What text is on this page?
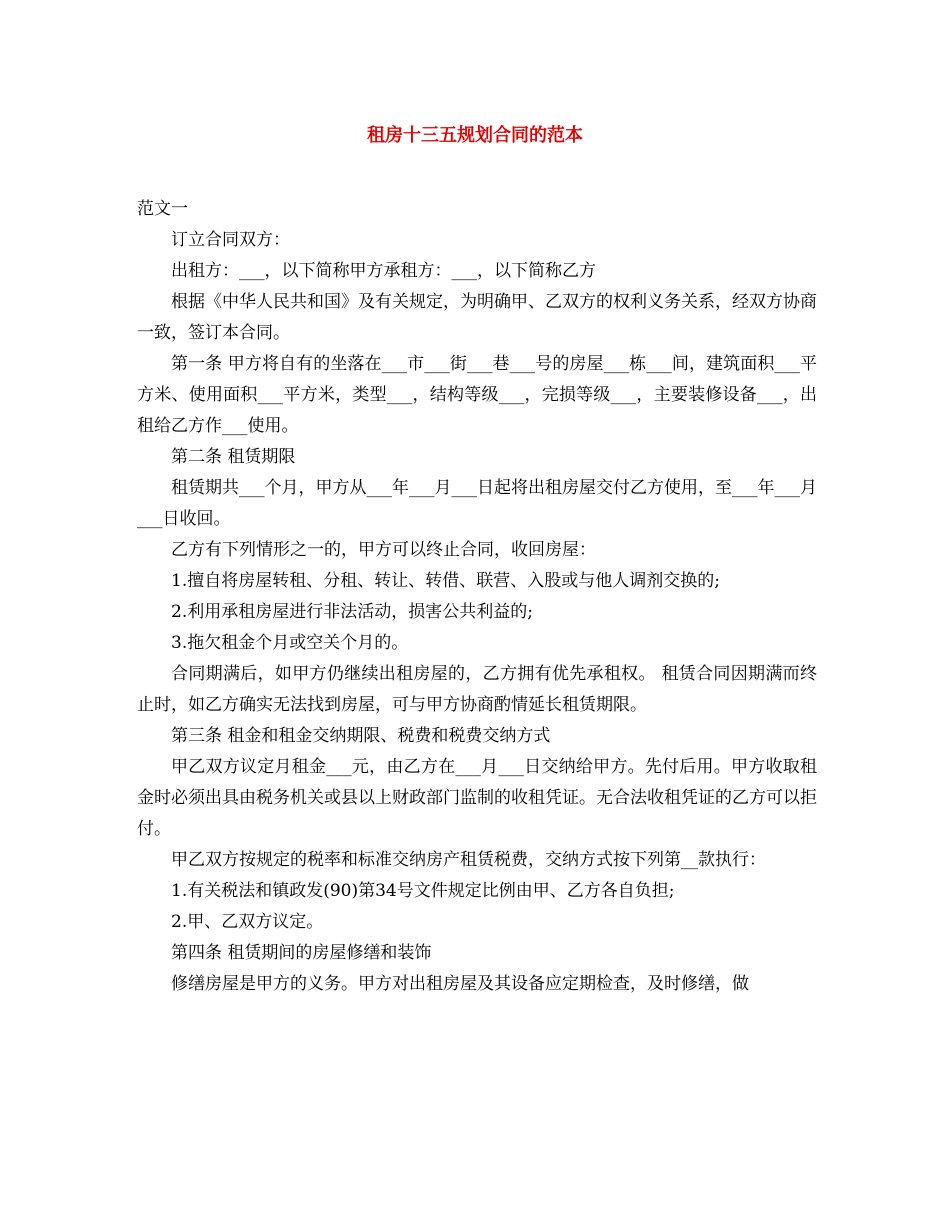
租房十三五规划合同的范本

范文一

订立合同双方：

出租方：___，以下简称甲方承租方：___，以下简称乙方

根据《中华人民共和国》及有关规定，为明确甲、乙双方的权利义务关系，经双方协商一致，签订本合同。

第一条 甲方将自有的坐落在___市___街___巷___号的房屋___栋___间，建筑面积___平方米、使用面积___平方米，类型___，结构等级___，完损等级___，主要装修设备___，出租给乙方作___使用。

第二条 租赁期限

租赁期共___个月，甲方从___年___月___日起将出租房屋交付乙方使用，至___年___月___日收回。

乙方有下列情形之一的，甲方可以终止合同，收回房屋：

1.擅自将房屋转租、分租、转让、转借、联营、入股或与他人调剂交换的;

2.利用承租房屋进行非法活动，损害公共利益的;

3.拖欠租金个月或空关个月的。

合同期满后，如甲方仍继续出租房屋的，乙方拥有优先承租权。 租赁合同因期满而终止时，如乙方确实无法找到房屋，可与甲方协商酌情延长租赁期限。

第三条 租金和租金交纳期限、税费和税费交纳方式

甲乙双方议定月租金___元，由乙方在___月___日交纳给甲方。先付后用。甲方收取租金时必须出具由税务机关或县以上财政部门监制的收租凭证。无合法收租凭证的乙方可以拒付。

甲乙双方按规定的税率和标准交纳房产租赁税费，交纳方式按下列第__款执行：

1.有关税法和镇政发(90)第34号文件规定比例由甲、乙方各自负担;

2.甲、乙双方议定。

第四条 租赁期间的房屋修缮和装饰

修缮房屋是甲方的义务。甲方对出租房屋及其设备应定期检查，及时修缮，做
